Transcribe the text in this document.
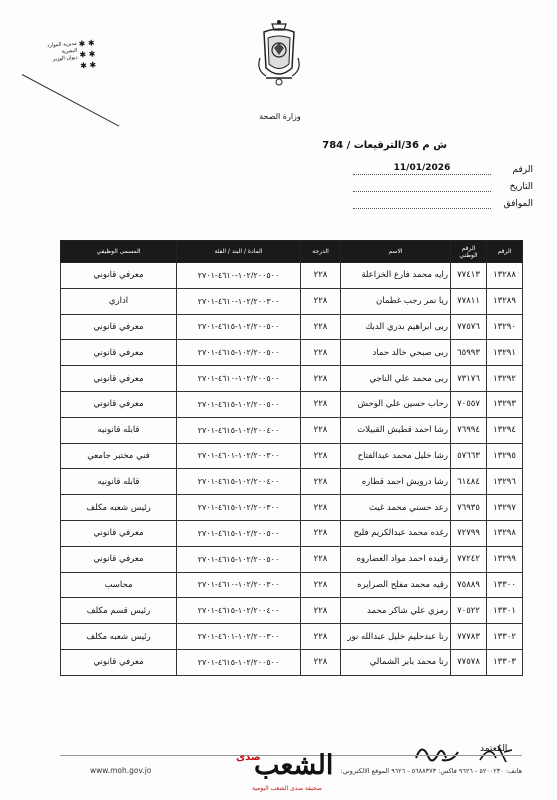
مديرية الموارد
البشرية
ديوان الوزير
✱ ✱
✱ ✱
✱ ✱
وزارة الصحة
ش م 36/الترقيعات / 784
الرقم
11/01/2026
التاريخ
الموافق
الرقم	الرقم الوطني	الاسم	الدرجة	المادة / البند / الفئة	المسمى الوظيفي
١٣٢٨٨	٧٧٤١٣	رايه محمد فارع الخزاعلة	٢٢٨	١٠٢/٢٠٠٥٠٠-٤٦١٠-٢٧٠١	معرفي قانوني
١٣٢٨٩	٧٧٨١١	ريا نمر رجب غطمان	٢٢٨	١٠٢/٢٠٠٣٠٠-٤٦١٠-٢٧٠١	اداري
١٣٢٩٠	٧٧٥٧٦	ربى ابراهيم بدري الدبك	٢٢٨	١٠٢/٢٠٠٥٠٠-٤٦١٥-٢٧٠١	معرفي قانوني
١٣٢٩١	٦٥٩٩٣	ربى صبحي خالد حماد	٢٢٨	١٠٢/٢٠٠٥٠٠-٤٦١٥-٢٧٠١	معرفي قانوني
١٣٢٩٢	٧٣١٧٦	ربى محمد علي الناجي	٢٢٨	١٠٢/٢٠٠٥٠٠-٤٦١٠-٢٧٠١	معرفي قانوني
١٣٢٩٣	٧٠٥٥٧	رحاب حسين علي الوحش	٢٢٨	١٠٢/٢٠٠٥٠٠-٤٦١٥-٢٧٠١	معرفي قانوني
١٣٢٩٤	٧٦٩٩٤	رشا احمد قطيش القبيلات	٢٢٨	١٠٢/٢٠٠٤٠٠-٤٦١٥-٢٧٠١	قابله قانونيه
١٣٢٩٥	٥٧٦٦٣	رشا خليل محمد عبدالفتاح	٢٢٨	١٠٢/٢٠٠٣٠٠-٤٦٠١-٢٧٠١	فني مختبر جامعي
١٣٢٩٦	٦١٤٨٤	رشا درويش احمد قطاره	٢٢٨	١٠٢/٢٠٠٤٠٠-٤٦١٥-٢٧٠١	قابله قانونيه
١٣٢٩٧	٧٦٩٣٥	رعد حسني محمد غيث	٢٢٨	١٠٢/٢٠٠٣٠٠-٤٦١٥-٢٧٠١	رئيس شعبه مكلف
١٣٢٩٨	٧٢٧٩٩	رغده محمد عبدالكريم فليح	٢٢٨	١٠٢/٢٠٠٥٠٠-٤٦١٥-٢٧٠١	معرفي قانوني
١٣٢٩٩	٧٧٢٤٢	رفيده احمد مواد العضاروه	٢٢٨	١٠٢/٢٠٠٥٠٠-٤٦١٥-٢٧٠١	معرفي قانوني
١٣٣٠٠	٧٥٨٨٩	رقيه محمد مفلح الصرايره	٢٢٨	١٠٢/٢٠٠٣٠٠-٤٦١٠-٢٧٠١	محاسب
١٣٣٠١	٧٠٥٢٢	رمزي علي شاكر محمد	٢٢٨	١٠٢/٢٠٠٤٠٠-٤٦١٥-٢٧٠١	رئيس قسم مكلف
١٣٣٠٢	٧٧٧٨٣	رنا عبدحليم خليل عبدالله نور	٢٢٨	١٠٢/٢٠٠٣٠٠-٤٦٠١-٢٧٠١	رئيس شعبه مكلف
١٣٣٠٣	٧٧٥٧٨	رنا محمد بابر الشمالي	٢٢٨	١٠٢/٢٠٠٥٠٠-٤٦١٥-٢٧٠١	معرفي قانوني
هاتف: ٥٢٠٠٢٣٠ - ٩٦٢٦ فاكس: ٥٦٨٨٣٧٣ - ٩٦٢٦ الموقع الالكتروني:
www.moh.gov.jo
المُعتمد
صدى
الشعب
صحيفة صدى الشعب اليومية
